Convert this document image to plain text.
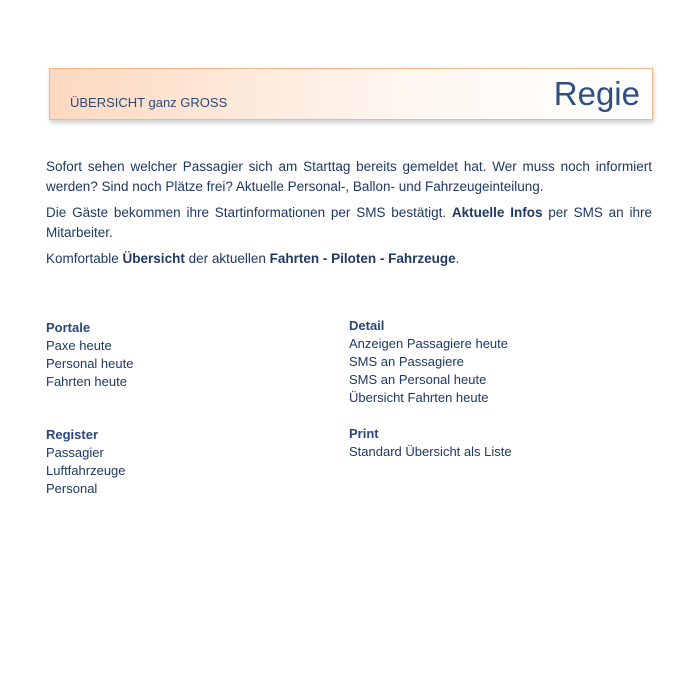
ÜBERSICHT ganz GROSS	Regie

Sofort sehen welcher Passagier sich am Starttag bereits gemeldet hat. Wer muss noch informiert werden? Sind noch Plätze frei? Aktuelle Personal-, Ballon- und Fahrzeugeinteilung.

Die Gäste bekommen ihre Startinformationen per SMS bestätigt. Aktuelle Infos per SMS an ihre Mitarbeiter.

Komfortable Übersicht der aktuellen Fahrten - Piloten - Fahrzeuge.

Portale
Paxe heute
Personal heute
Fahrten heute
Detail
Anzeigen Passagiere heute
SMS an Passagiere
SMS an Personal heute
Übersicht Fahrten heute
Register
Passagier
Luftfahrzeuge
Personal
Print
Standard Übersicht als Liste
